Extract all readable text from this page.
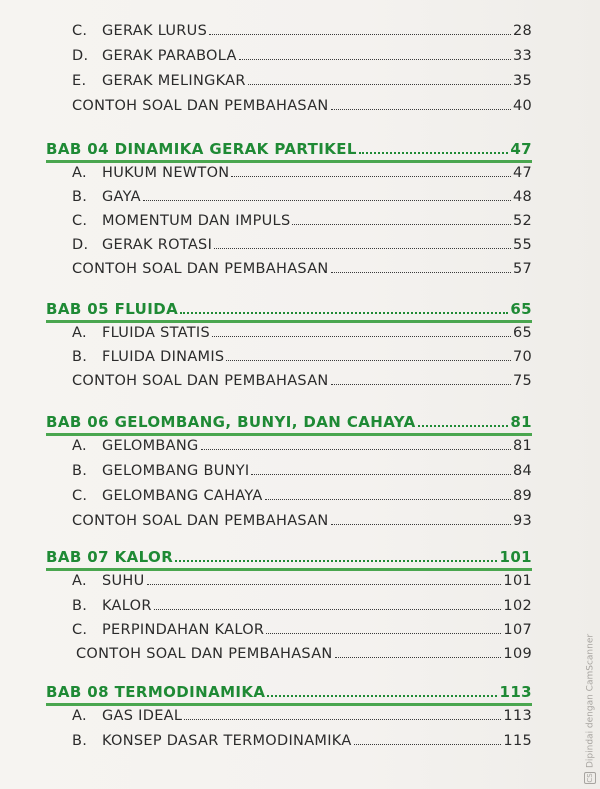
C.	GERAK LURUS	28
D. GERAK PARABOLA	33
E.	GERAK MELINGKAR	35
CONTOH SOAL DAN PEMBAHASAN	40
BAB 04 DINAMIKA GERAK PARTIKEL	47
A.	HUKUM NEWTON	47
B.	GAYA	48
C.	MOMENTUM DAN IMPULS	52
D. GERAK ROTASI	55
CONTOH SOAL DAN PEMBAHASAN	57
BAB 05 FLUIDA	65
A.	FLUIDA STATIS	65
B.	FLUIDA DINAMIS	70
CONTOH SOAL DAN PEMBAHASAN	75
BAB 06 GELOMBANG, BUNYI, DAN CAHAYA	81
A.	GELOMBANG	81
B.	GELOMBANG BUNYI	84
C.	GELOMBANG CAHAYA	89
CONTOH SOAL DAN PEMBAHASAN	93
BAB 07 KALOR	101
A.	SUHU	101
B.	KALOR	102
C.	PERPINDAHAN KALOR	107
CONTOH SOAL DAN PEMBAHASAN	109
BAB 08 TERMODINAMIKA	113
A.	GAS IDEAL	113
B.	KONSEP DASAR TERMODINAMIKA	115
CSDipindai dengan CamScanner
